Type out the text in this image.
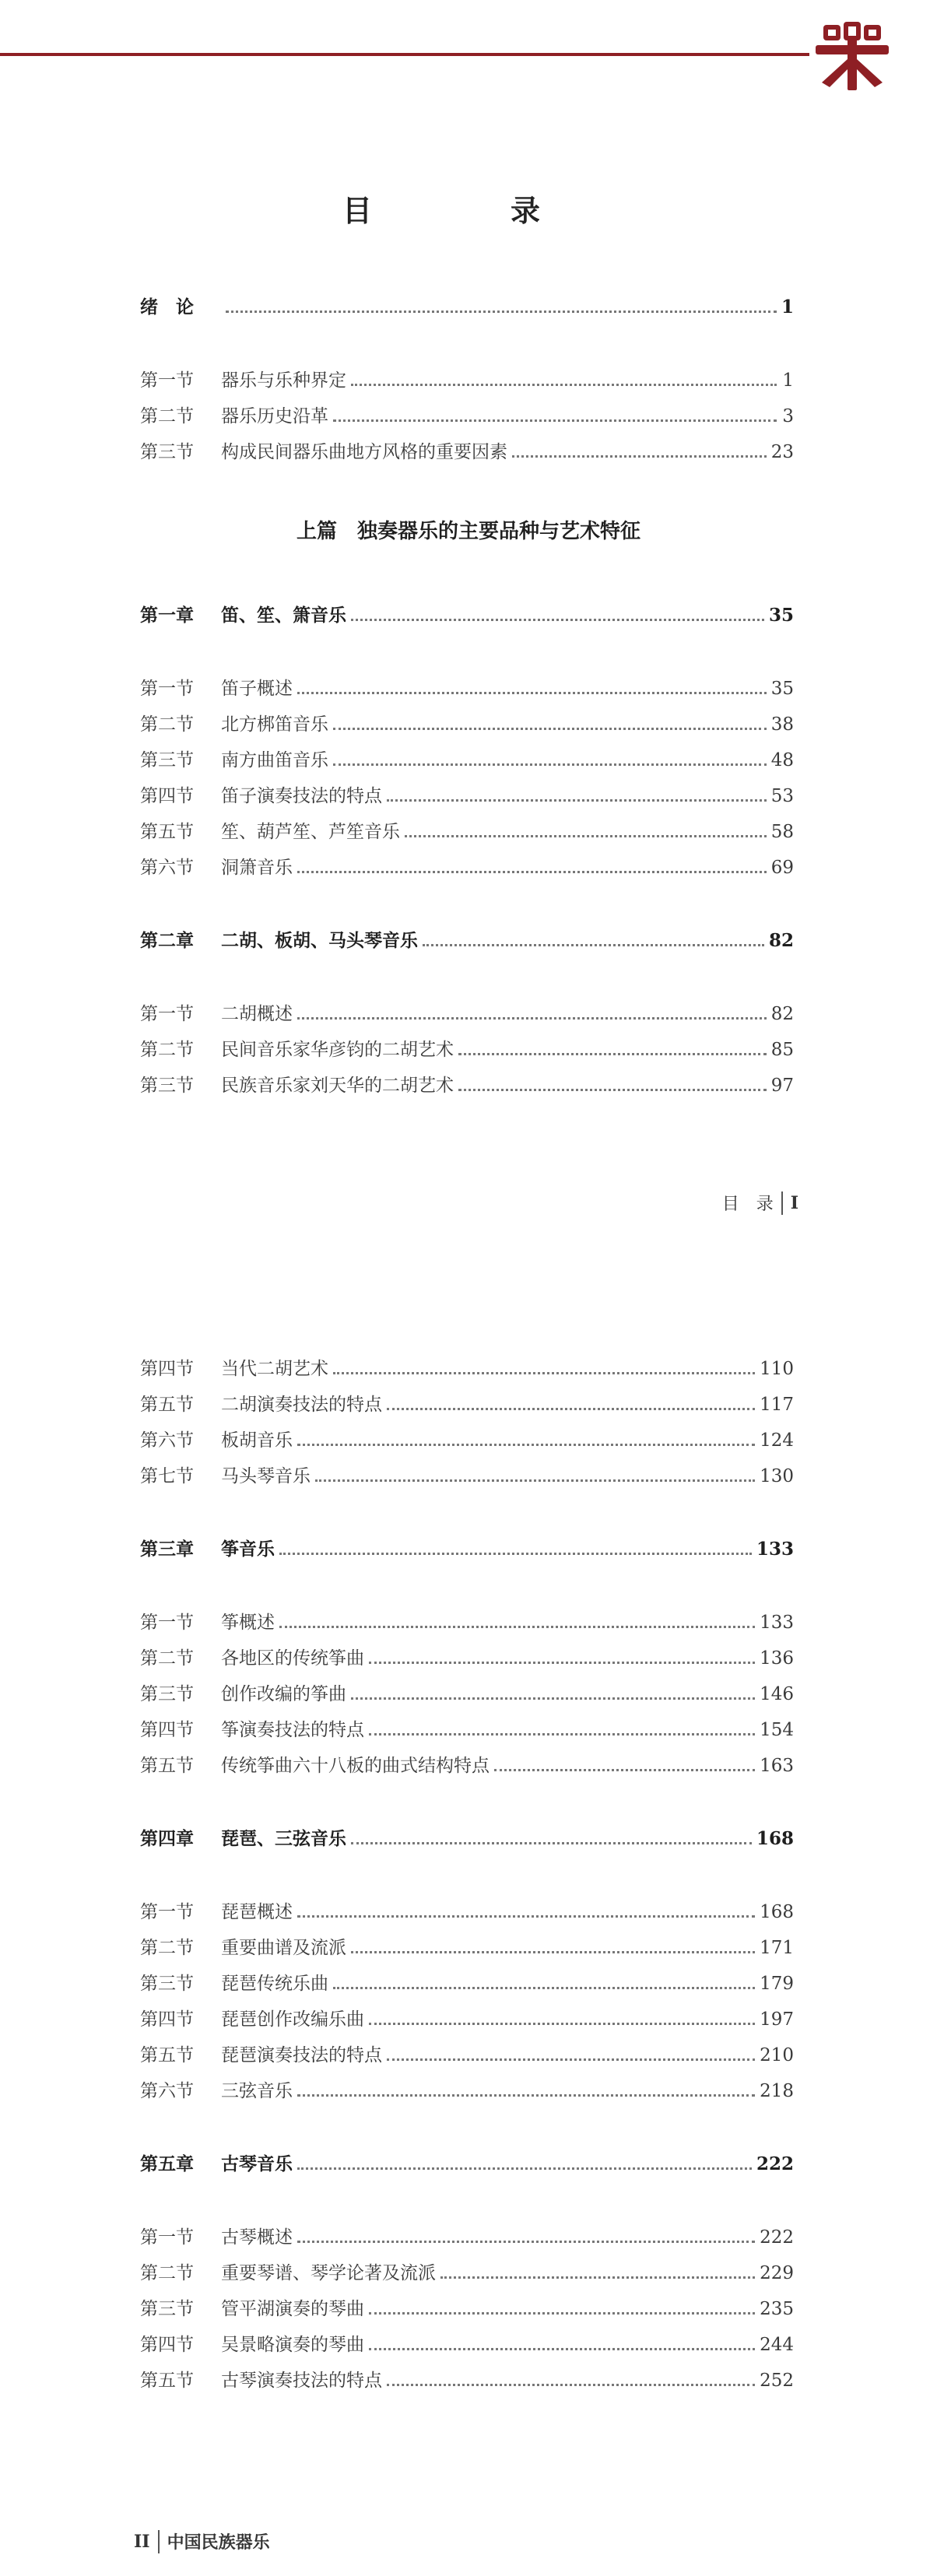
目　录
绪　论	1
第一节	器乐与乐种界定	1
第二节	器乐历史沿革	3
第三节	构成民间器乐曲地方风格的重要因素	23
上篇　独奏器乐的主要品种与艺术特征
第一章	笛、笙、箫音乐	35
第一节	笛子概述	35
第二节	北方梆笛音乐	38
第三节	南方曲笛音乐	48
第四节	笛子演奏技法的特点	53
第五节	笙、葫芦笙、芦笙音乐	58
第六节	洞箫音乐	69
第二章	二胡、板胡、马头琴音乐	82
第一节	二胡概述	82
第二节	民间音乐家华彦钧的二胡艺术	85
第三节	民族音乐家刘天华的二胡艺术	97
目　录 I
第四节	当代二胡艺术	110
第五节	二胡演奏技法的特点	117
第六节	板胡音乐	124
第七节	马头琴音乐	130
第三章	筝音乐	133
第一节	筝概述	133
第二节	各地区的传统筝曲	136
第三节	创作改编的筝曲	146
第四节	筝演奏技法的特点	154
第五节	传统筝曲六十八板的曲式结构特点	163
第四章	琵琶、三弦音乐	168
第一节	琵琶概述	168
第二节	重要曲谱及流派	171
第三节	琵琶传统乐曲	179
第四节	琵琶创作改编乐曲	197
第五节	琵琶演奏技法的特点	210
第六节	三弦音乐	218
第五章	古琴音乐	222
第一节	古琴概述	222
第二节	重要琴谱、琴学论著及流派	229
第三节	管平湖演奏的琴曲	235
第四节	吴景略演奏的琴曲	244
第五节	古琴演奏技法的特点	252
II 中国民族器乐
